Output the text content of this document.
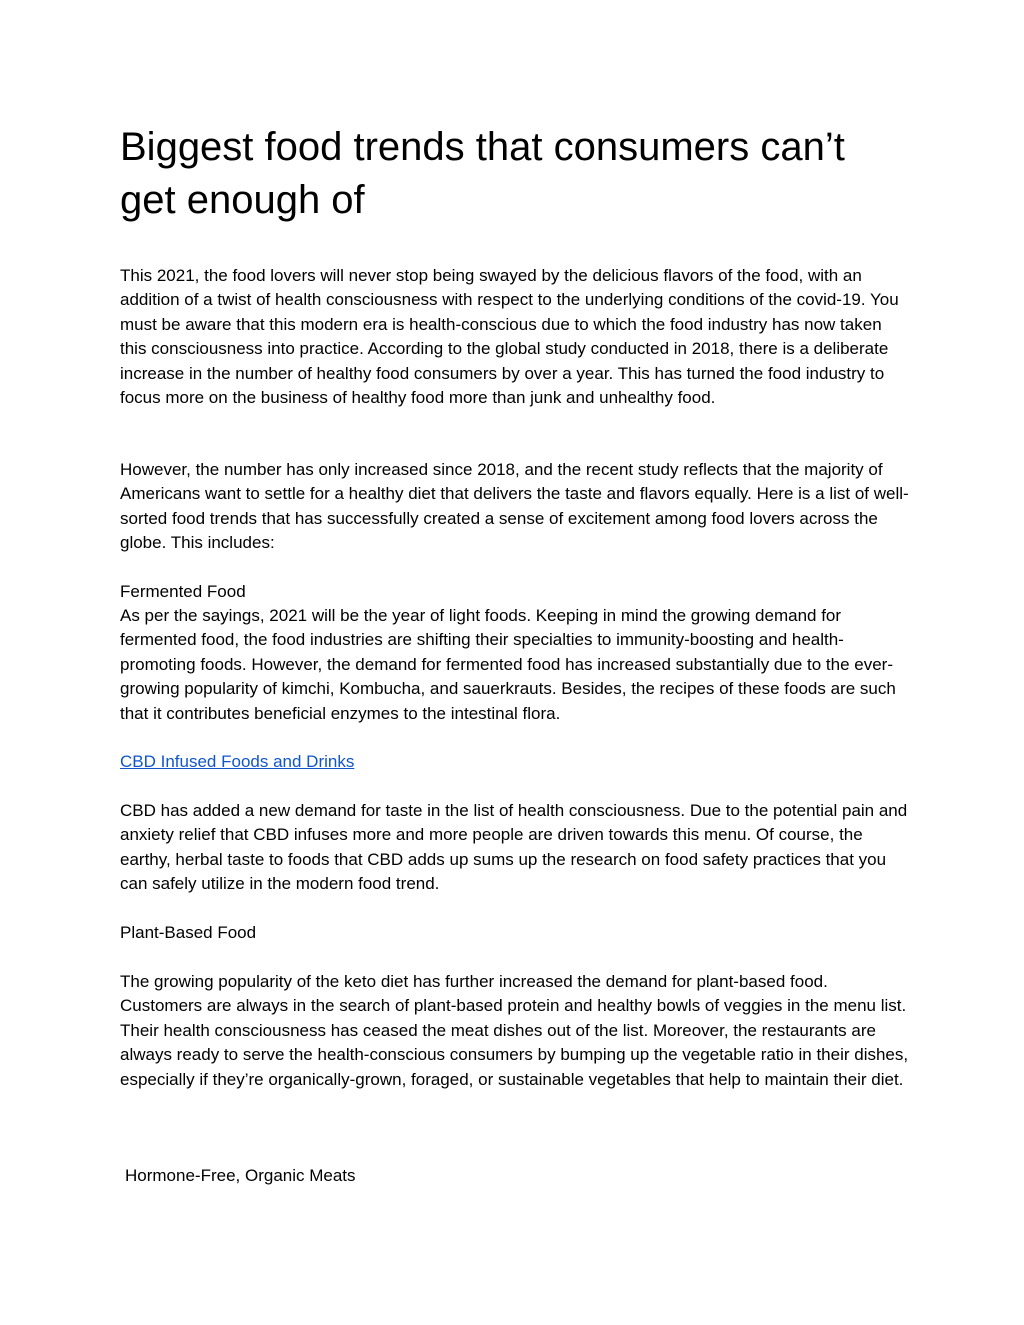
Biggest food trends that consumers can’t get enough of

This 2021, the food lovers will never stop being swayed by the delicious flavors of the food, with an addition of a twist of health consciousness with respect to the underlying conditions of the covid-19. You must be aware that this modern era is health-conscious due to which the food industry has now taken this consciousness into practice. According to the global study conducted in 2018, there is a deliberate increase in the number of healthy food consumers by over a year. This has turned the food industry to focus more on the business of healthy food more than junk and unhealthy food.

However, the number has only increased since 2018, and the recent study reflects that the majority of Americans want to settle for a healthy diet that delivers the taste and flavors equally. Here is a list of well-sorted food trends that has successfully created a sense of excitement among food lovers across the globe. This includes:

Fermented Food

As per the sayings, 2021 will be the year of light foods. Keeping in mind the growing demand for fermented food, the food industries are shifting their specialties to immunity-boosting and health-promoting foods. However, the demand for fermented food has increased substantially due to the ever-growing popularity of kimchi, Kombucha, and sauerkrauts. Besides, the recipes of these foods are such that it contributes beneficial enzymes to the intestinal flora.

CBD Infused Foods and Drinks

CBD has added a new demand for taste in the list of health consciousness. Due to the potential pain and anxiety relief that CBD infuses more and more people are driven towards this menu. Of course, the earthy, herbal taste to foods that CBD adds up sums up the research on food safety practices that you can safely utilize in the modern food trend.

Plant-Based Food

The growing popularity of the keto diet has further increased the demand for plant-based food. Customers are always in the search of plant-based protein and healthy bowls of veggies in the menu list. Their health consciousness has ceased the meat dishes out of the list. Moreover, the restaurants are always ready to serve the health-conscious consumers by bumping up the vegetable ratio in their dishes, especially if they’re organically-grown, foraged, or sustainable vegetables that help to maintain their diet.

Hormone-Free, Organic Meats
